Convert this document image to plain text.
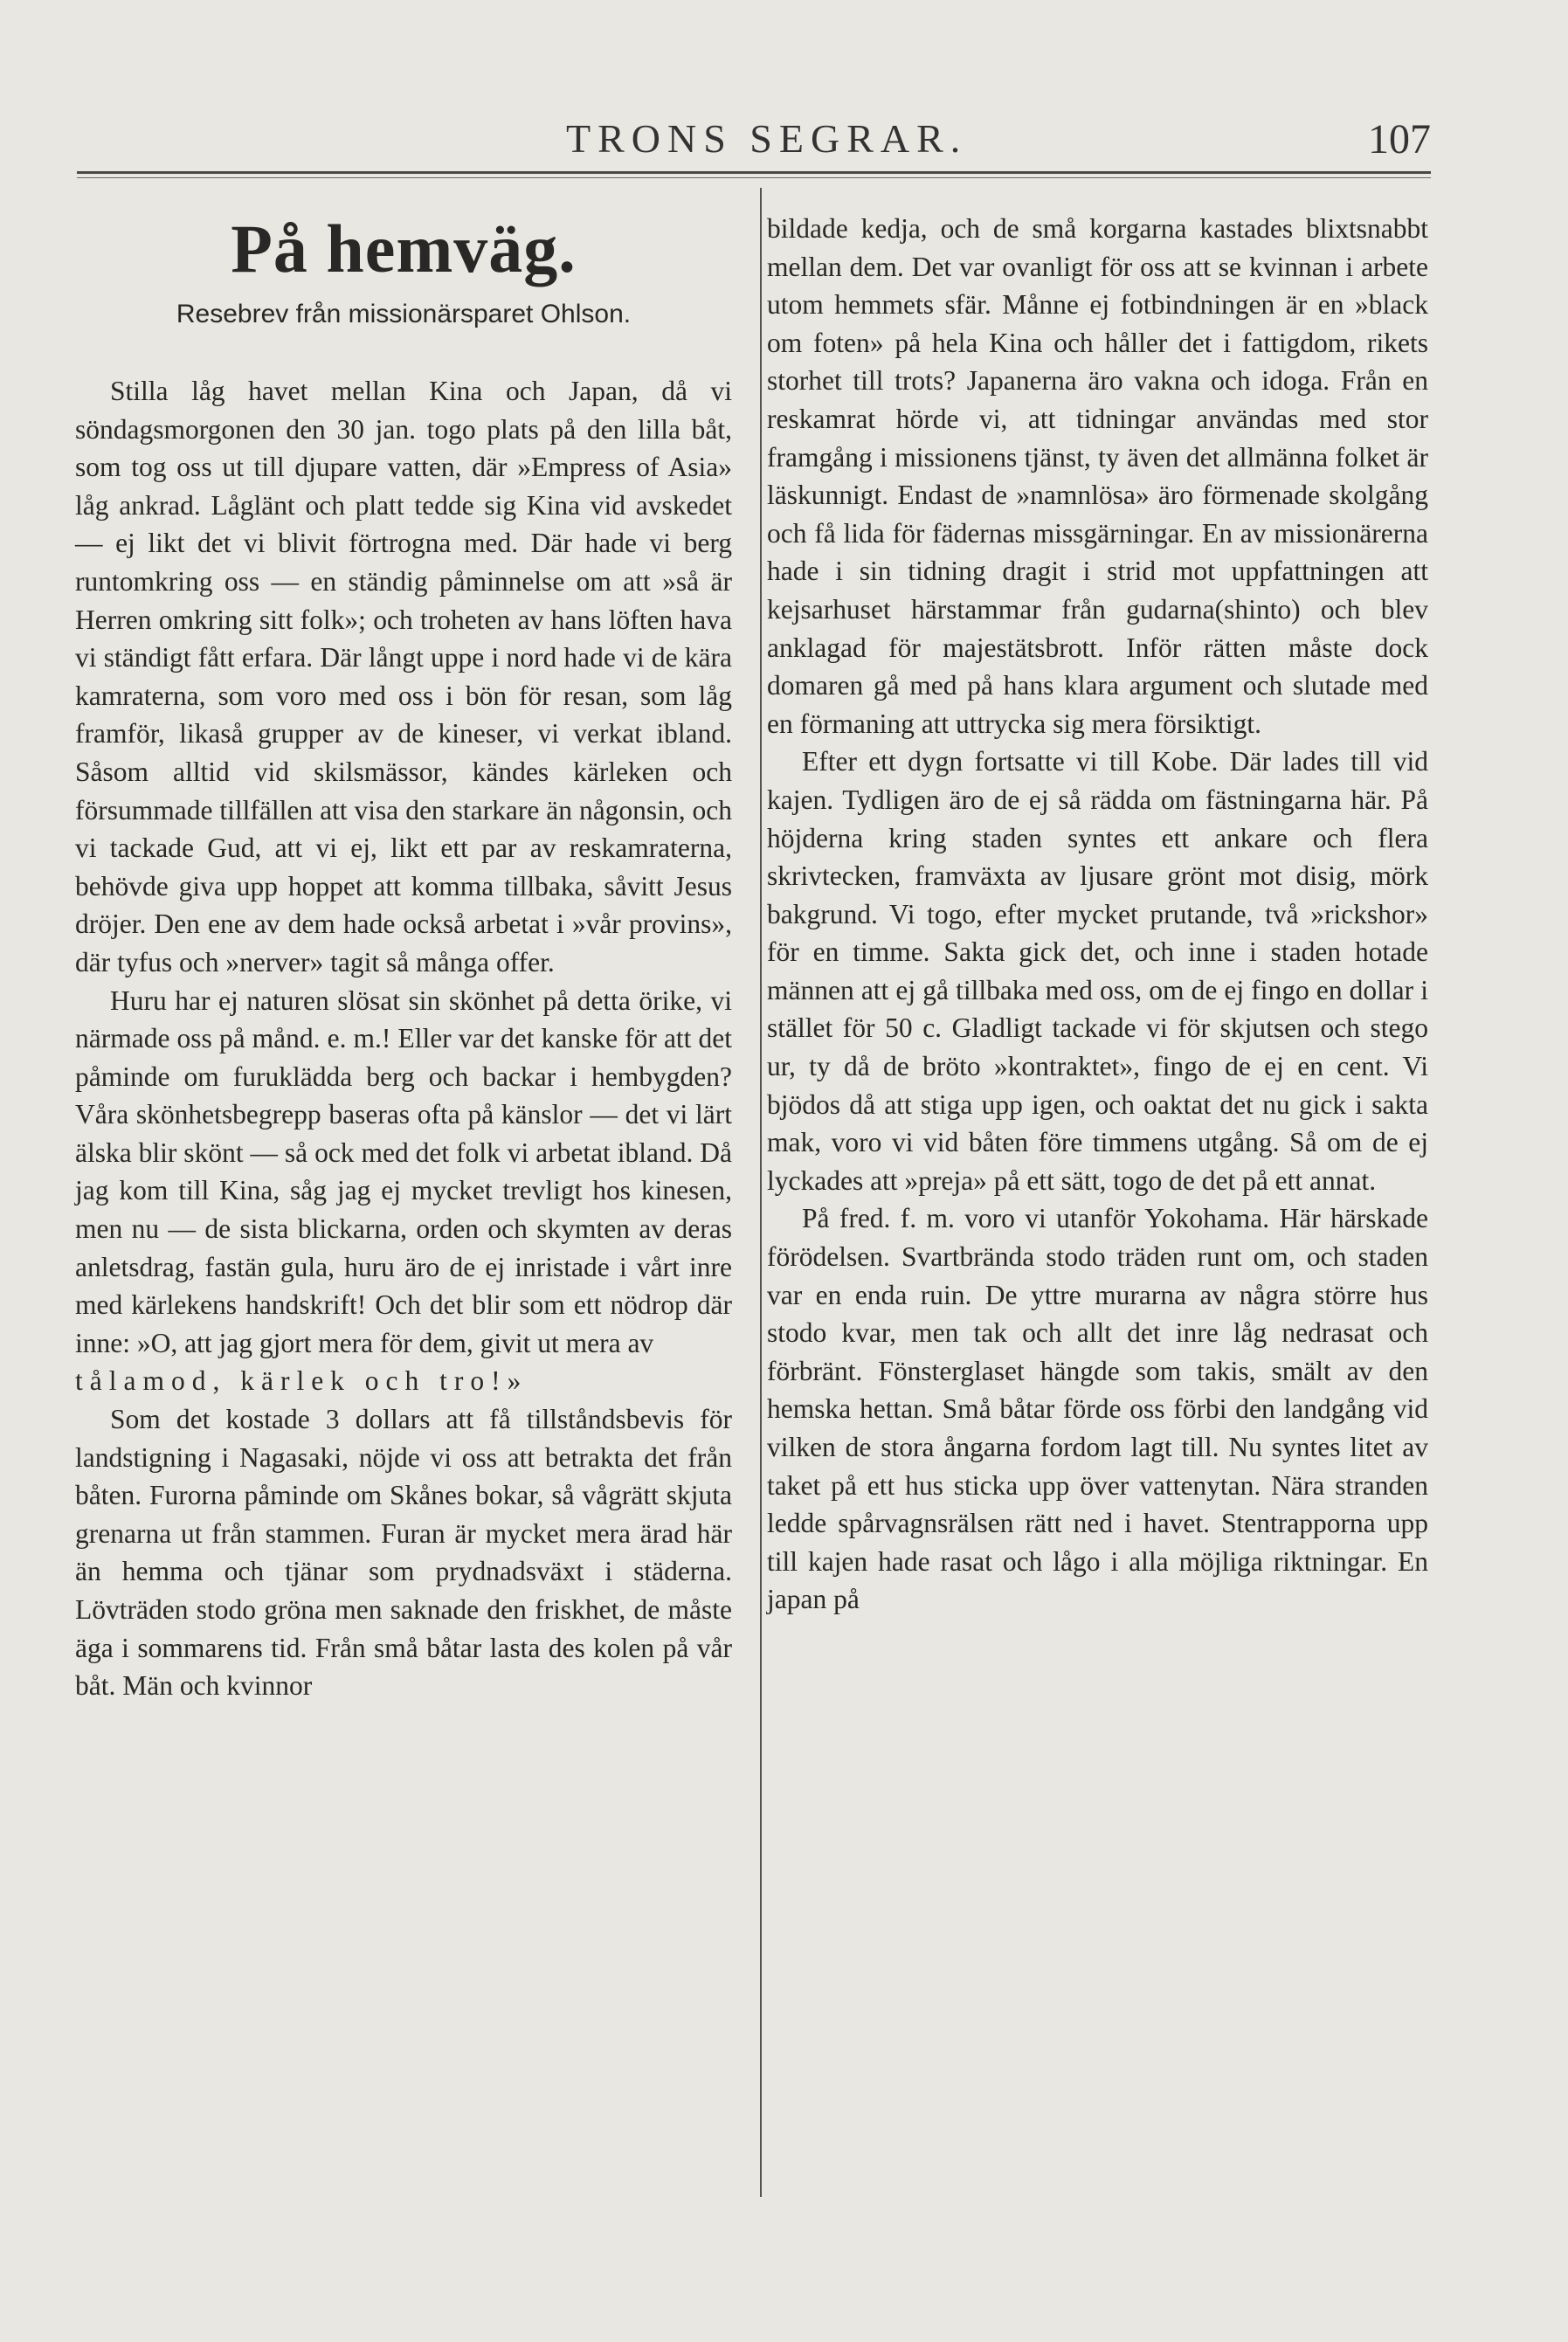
TRONS SEGRAR.	107
På hemväg.
Resebrev från missionärsparet Ohlson.

Stilla låg havet mellan Kina och Japan, då vi söndagsmorgonen den 30 jan. togo plats på den lilla båt, som tog oss ut till djupare vatten, där »Empress of Asia» låg ankrad. Låglänt och platt tedde sig Kina vid avskedet — ej likt det vi blivit förtrogna med. Där hade vi berg runtomkring oss — en ständig påminnelse om att »så är Herren omkring sitt folk»; och troheten av hans löften hava vi ständigt fått erfara. Där långt uppe i nord hade vi de kära kamraterna, som voro med oss i bön för resan, som låg framför, likaså grupper av de kineser, vi verkat ibland. Såsom alltid vid skilsmässor, kändes kärleken och försummade tillfällen att visa den starkare än någonsin, och vi tackade Gud, att vi ej, likt ett par av reskamraterna, behövde giva upp hoppet att komma tillbaka, såvitt Jesus dröjer. Den ene av dem hade också arbetat i »vår provins», där tyfus och »nerver» tagit så många offer.

Huru har ej naturen slösat sin skönhet på detta örike, vi närmade oss på månd. e. m.! Eller var det kanske för att det påminde om furuklädda berg och backar i hembygden? Våra skönhetsbegrepp baseras ofta på känslor — det vi lärt älska blir skönt — så ock med det folk vi arbetat ibland. Då jag kom till Kina, såg jag ej mycket trevligt hos kinesen, men nu — de sista blickarna, orden och skymten av deras anletsdrag, fastän gula, huru äro de ej inristade i vårt inre med kärlekens handskrift! Och det blir som ett nödrop där inne: »O, att jag gjort mera för dem, givit ut mera av

tålamod, kärlek och tro!»

Som det kostade 3 dollars att få tillståndsbevis för landstigning i Nagasaki, nöjde vi oss att betrakta det från båten. Furorna påminde om Skånes bokar, så vågrätt skjuta grenarna ut från stammen. Furan är mycket mera ärad här än hemma och tjänar som prydnadsväxt i städerna. Lövträden stodo gröna men saknade den friskhet, de måste äga i sommarens tid. Från små båtar lasta des kolen på vår båt. Män och kvinnor

bildade kedja, och de små korgarna kastades blixtsnabbt mellan dem. Det var ovanligt för oss att se kvinnan i arbete utom hemmets sfär. Månne ej fotbindningen är en »black om foten» på hela Kina och håller det i fattigdom, rikets storhet till trots? Japanerna äro vakna och idoga. Från en reskamrat hörde vi, att tidningar användas med stor framgång i missionens tjänst, ty även det allmänna folket är läskunnigt. Endast de »namnlösa» äro förmenade skolgång och få lida för fädernas missgärningar. En av missionärerna hade i sin tidning dragit i strid mot uppfattningen att kejsarhuset härstammar från gudarna(shinto) och blev anklagad för majestätsbrott. Inför rätten måste dock domaren gå med på hans klara argument och slutade med en förmaning att uttrycka sig mera försiktigt.

Efter ett dygn fortsatte vi till Kobe. Där lades till vid kajen. Tydligen äro de ej så rädda om fästningarna här. På höjderna kring staden syntes ett ankare och flera skrivtecken, framväxta av ljusare grönt mot disig, mörk bakgrund. Vi togo, efter mycket prutande, två »rickshor» för en timme. Sakta gick det, och inne i staden hotade männen att ej gå tillbaka med oss, om de ej fingo en dollar i stället för 50 c. Gladligt tackade vi för skjutsen och stego ur, ty då de bröto »kontraktet», fingo de ej en cent. Vi bjödos då att stiga upp igen, och oaktat det nu gick i sakta mak, voro vi vid båten före timmens utgång. Så om de ej lyckades att »preja» på ett sätt, togo de det på ett annat.

På fred. f. m. voro vi utanför Yokohama. Här härskade förödelsen. Svartbrända stodo träden runt om, och staden var en enda ruin. De yttre murarna av några större hus stodo kvar, men tak och allt det inre låg nedrasat och förbränt. Fönsterglaset hängde som takis, smält av den hemska hettan. Små båtar förde oss förbi den landgång vid vilken de stora ångarna fordom lagt till. Nu syntes litet av taket på ett hus sticka upp över vattenytan. Nära stranden ledde spårvagnsrälsen rätt ned i havet. Stentrapporna upp till kajen hade rasat och lågo i alla möjliga riktningar. En japan på
